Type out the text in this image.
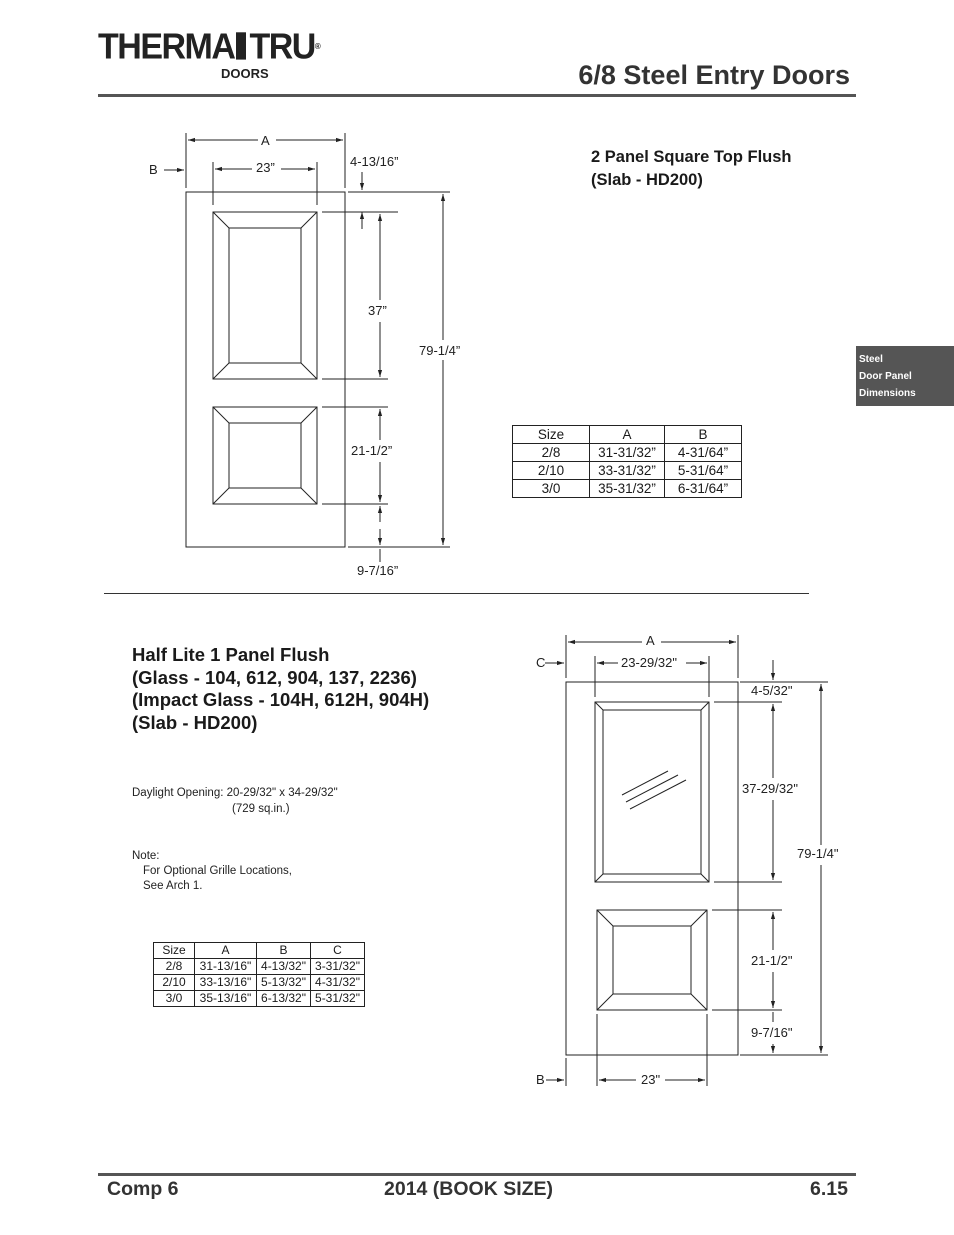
THERMA TRU®
DOORS	6/8 Steel Entry Doors
Steel
Door Panel
Dimensions
A
B	23”	4-13/16”
37”
79-1/4”
21-1/2”
9-7/16”
A
C	23-29/32"
4-5/32"
37-29/32"
79-1/4"
21-1/2"
9-7/16"
B	23"
2 Panel Square Top Flush
(Slab - HD200)
Size	A	B
2/8	31-31/32”	4-31/64”
2/10	33-31/32”	5-31/64”
3/0	35-31/32”	6-31/64”
Half Lite 1 Panel Flush
(Glass - 104, 612, 904, 137, 2236)
(Impact Glass - 104H, 612H, 904H)
(Slab - HD200)
Daylight Opening: 20-29/32" x 34-29/32"
(729 sq.in.)
Note:
For Optional Grille Locations,
See Arch 1.
Size	A	B	C
2/8	31-13/16"	4-13/32"	3-31/32"
2/10	33-13/16"	5-13/32"	4-31/32"
3/0	35-13/16"	6-13/32"	5-31/32"
Comp 6	2014 (BOOK SIZE)	6.15
